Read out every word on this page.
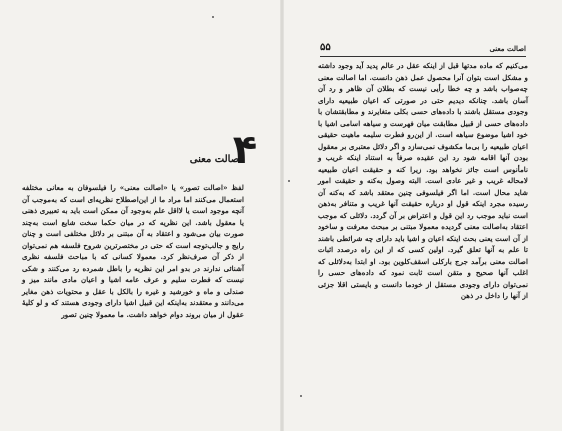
۵۵	اصالت معنی

می‌کنیم که ماده مدتها قبل از اینکه عقل در عالم پدید آید وجود داشته و مشکل است بتوان آنرا محصول عمل ذهن دانست. اما اصالت معنی چه‌صواب باشد و چه خطا رأیی نیست که بطلان آن ظاهر و رد آن آسان باشد. چنانکه دیدیم حتی در صورتی که اعیان طبیعیه دارای وجودی مستقل باشند با داده‌های حسی بکلی متغایرند و مطابقتشان با داده‌های حسی از قبیل مطابقت میان فهرست و سیاهه اسامی اشیا با خود اشیا موضوع سیاهه است. از این‌رو فطرت سلیمه ماهیت حقیقی اعیان طبیعیه را بی‌ما مکشوف نمی‌سازد و اگر دلائل معتبری بر معقول بودن آنها اقامه شود رد این عقیده صرفاً به استناد اینکه غریب و نامأنوس است جائز نخواهد بود. زیرا کنه و حقیقت اعیان طبیعیه لامحاله غریب و غیر عادی است. البته وصول به‌کنه و حقیقت امور شاید محال است. اما اگر فیلسوفی چنین معتقد باشد که به‌کنه آن رسیده مجرد اینکه قول او درباره حقیقت آنها غریب و متنافر به‌ذهن است نباید موجب رد این قول و اعتراض بر آن گردد. دلائلی که موجب اعتقاد به‌اصالت معنی گردیده معمولا مبتنی بر مبحث معرفت و ساخود از آن است یعنی بحث اینکه اعیان و اشیا باید دارای چه شرائطی باشند تا علم به آنها تعلق گیرد. اولین کسی که از این راه درصدد اثبات اصالت معنی برآمد جرج بارکلی اسقف‌کلوین بود. او ابتدا به‌دلائلی که اغلب آنها صحیح و متقن است ثابت نمود که داده‌های حسی را نمی‌توان دارای وجودی مستقل از خودما دانست و بایستی اقلا جزئی از آنها را داخل در ذهن

۴
اصالت معنی

لفظ «اصالت تصور» یا «اصالت معنی» را فیلسوفان به معانی مختلفه استعمال می‌کنند اما مراد ما از این‌اصطلاح نظریه‌ای است که به‌موجب آن آنچه موجود است یا لااقل علم به‌وجود آن ممکن است باید به تعبیری ذهنی یا معقول باشد. این نظریه که در میان حکما سخت شایع است به‌چند صورت بیان می‌شود و اعتقاد به آن مبتنی بر دلائل مختلفی است و چنان رایج و جالب‌توجه است که حتی در مختصرترین شروح فلسفه هم نمی‌توان از ذکر آن صرف‌نظر کرد. معمولا کسانی که با مباحث فلسفه نظری آشنائی ندارند در بدو امر این نظریه را باطل شمرده رد می‌کنند و شکی نیست که فطرت سلیم و عرف عامه اشیا و اعیان مادی مانند میز و صندلی و ماه و خورشید و غیره را بالکل با عقل و محتویات ذهن مغایر می‌دانند و معتقدند به‌اینکه این قبیل اشیا دارای وجودی هستند که و لو کلیهٔ عقول از میان بروند دوام خواهد داشت. ما معمولا چنین تصور
